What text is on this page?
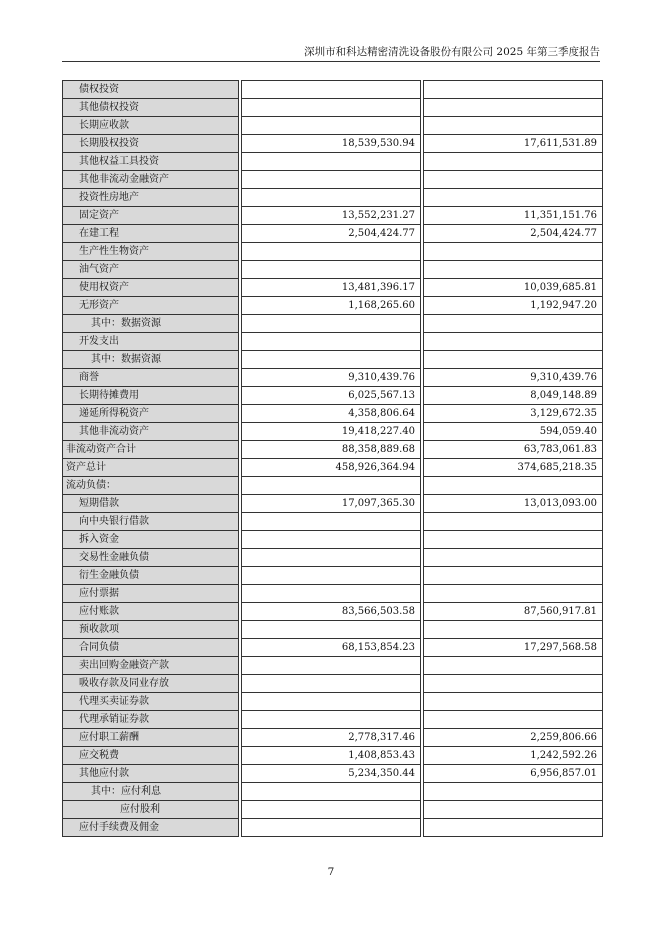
深圳市和科达精密清洗设备股份有限公司 2025 年第三季度报告
债权投资				
其他债权投资				
长期应收款				
长期股权投资		18,539,530.94		17,611,531.89
其他权益工具投资				
其他非流动金融资产				
投资性房地产				
固定资产		13,552,231.27		11,351,151.76
在建工程		2,504,424.77		2,504,424.77
生产性生物资产				
油气资产				
使用权资产		13,481,396.17		10,039,685.81
无形资产		1,168,265.60		1,192,947.20
其中：数据资源				
开发支出				
其中：数据资源				
商誉		9,310,439.76		9,310,439.76
长期待摊费用		6,025,567.13		8,049,148.89
递延所得税资产		4,358,806.64		3,129,672.35
其他非流动资产		19,418,227.40		594,059.40
非流动资产合计		88,358,889.68		63,783,061.83
资产总计		458,926,364.94		374,685,218.35
流动负债：				
短期借款		17,097,365.30		13,013,093.00
向中央银行借款				
拆入资金				
交易性金融负债				
衍生金融负债				
应付票据				
应付账款		83,566,503.58		87,560,917.81
预收款项				
合同负债		68,153,854.23		17,297,568.58
卖出回购金融资产款				
吸收存款及同业存放				
代理买卖证券款				
代理承销证券款				
应付职工薪酬		2,778,317.46		2,259,806.66
应交税费		1,408,853.43		1,242,592.26
其他应付款		5,234,350.44		6,956,857.01
其中：应付利息				
应付股利				
应付手续费及佣金				
7
